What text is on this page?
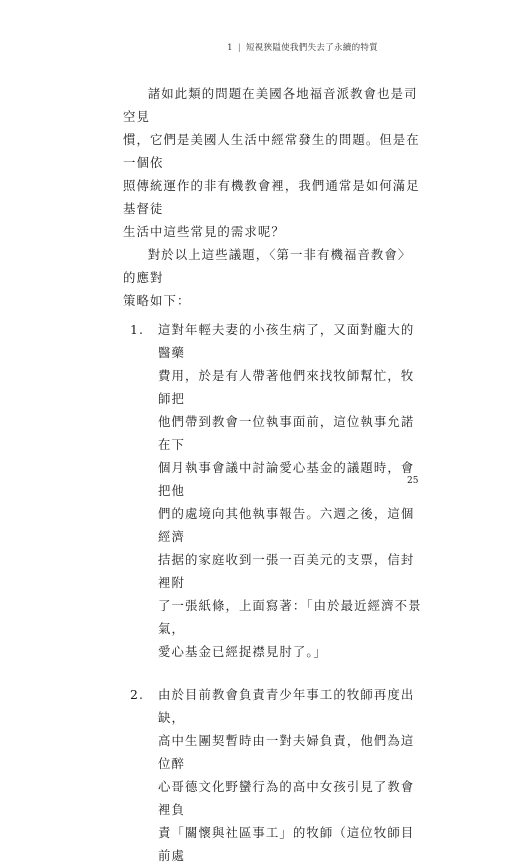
1 | 短視狹隘使我們失去了永續的特質

諸如此類的問題在美國各地福音派教會也是司空見
慣，它們是美國人生活中經常發生的問題。但是在一個依
照傳統運作的非有機教會裡，我們通常是如何滿足基督徒
生活中這些常見的需求呢？

對於以上這些議題，〈第一非有機福音教會〉的應對
策略如下：

1.	這對年輕夫妻的小孩生病了，又面對龐大的醫藥
費用，於是有人帶著他們來找牧師幫忙，牧師把
他們帶到教會一位執事面前，這位執事允諾在下
個月執事會議中討論愛心基金的議題時，會把他
們的處境向其他執事報告。六週之後，這個經濟
拮据的家庭收到一張一百美元的支票，信封裡附
了一張紙條，上面寫著：「由於最近經濟不景氣，
愛心基金已經捉襟見肘了。」
2.	由於目前教會負責青少年事工的牧師再度出缺，
高中生團契暫時由一對夫婦負責，他們為這位醉
心哥德文化野蠻行為的高中女孩引見了教會裡負
責「關懷與社區事工」的牧師（這位牧師目前處
25
